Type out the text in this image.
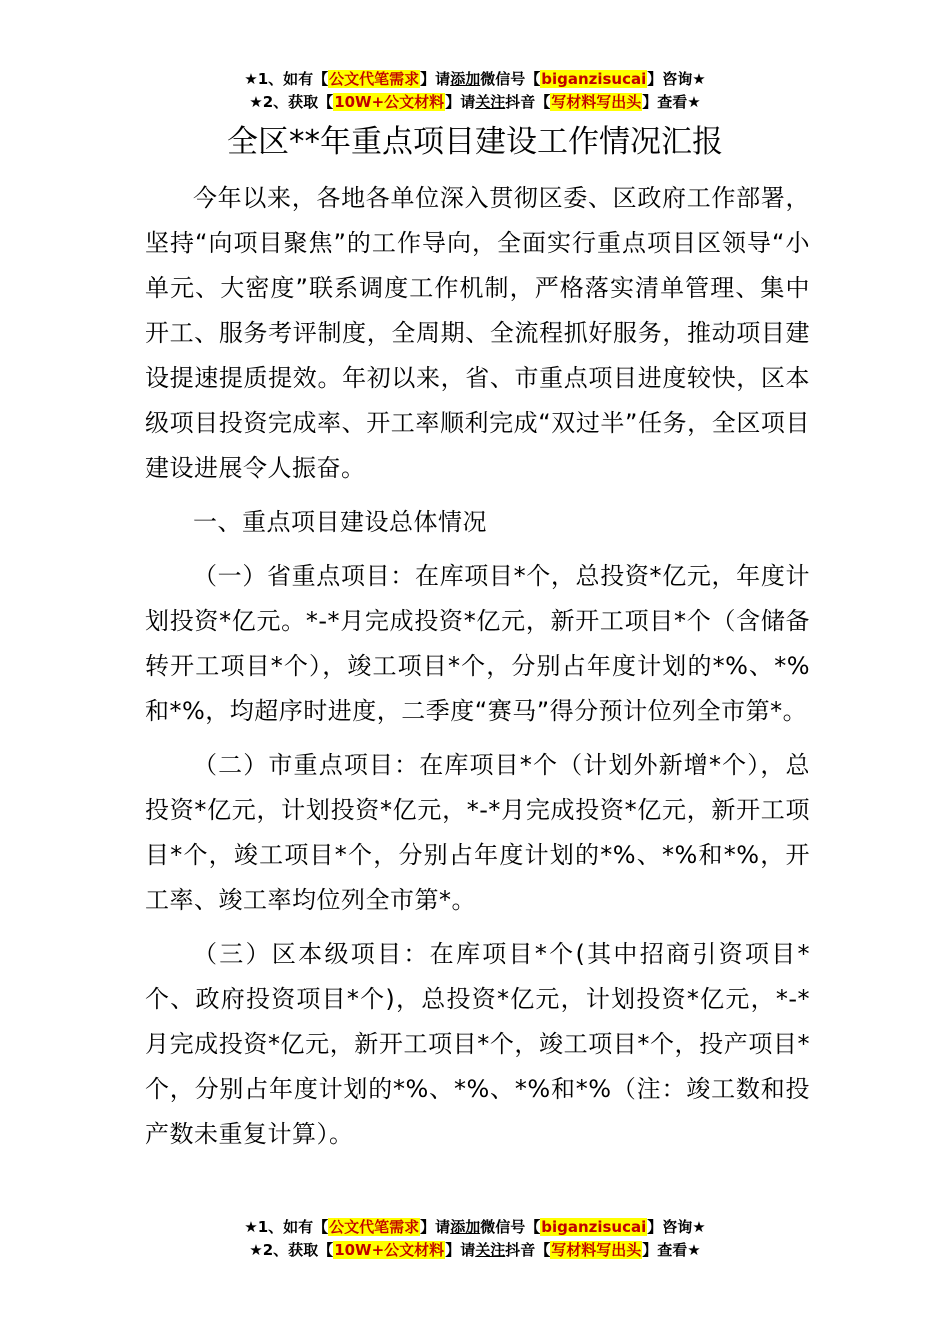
★1、如有【公文代笔需求】请添加微信号【biganzisucai】咨询★
★2、获取【10W+公文材料】请关注抖音【写材料写出头】查看★
全区**年重点项目建设工作情况汇报

今年以来，各地各单位深入贯彻区委、区政府工作部署，坚持“向项目聚焦”的工作导向，全面实行重点项目区领导“小单元、大密度”联系调度工作机制，严格落实清单管理、集中开工、服务考评制度，全周期、全流程抓好服务，推动项目建设提速提质提效。年初以来，省、市重点项目进度较快，区本级项目投资完成率、开工率顺利完成“双过半”任务，全区项目建设进展令人振奋。

一、重点项目建设总体情况

（一）省重点项目：在库项目*个，总投资*亿元，年度计划投资*亿元。*-*月完成投资*亿元，新开工项目*个（含储备转开工项目*个），竣工项目*个，分别占年度计划的*%、*%和*%，均超序时进度，二季度“赛马”得分预计位列全市第*。

（二）市重点项目：在库项目*个（计划外新增*个），总投资*亿元，计划投资*亿元，*-*月完成投资*亿元，新开工项目*个，竣工项目*个，分别占年度计划的*%、*%和*%，开工率、竣工率均位列全市第*。

（三）区本级项目：在库项目*个(其中招商引资项目*个、政府投资项目*个)，总投资*亿元，计划投资*亿元，*-*月完成投资*亿元，新开工项目*个，竣工项目*个，投产项目*个，分别占年度计划的*%、*%、*%和*%（注：竣工数和投产数未重复计算）。

★1、如有【公文代笔需求】请添加微信号【biganzisucai】咨询★
★2、获取【10W+公文材料】请关注抖音【写材料写出头】查看★
